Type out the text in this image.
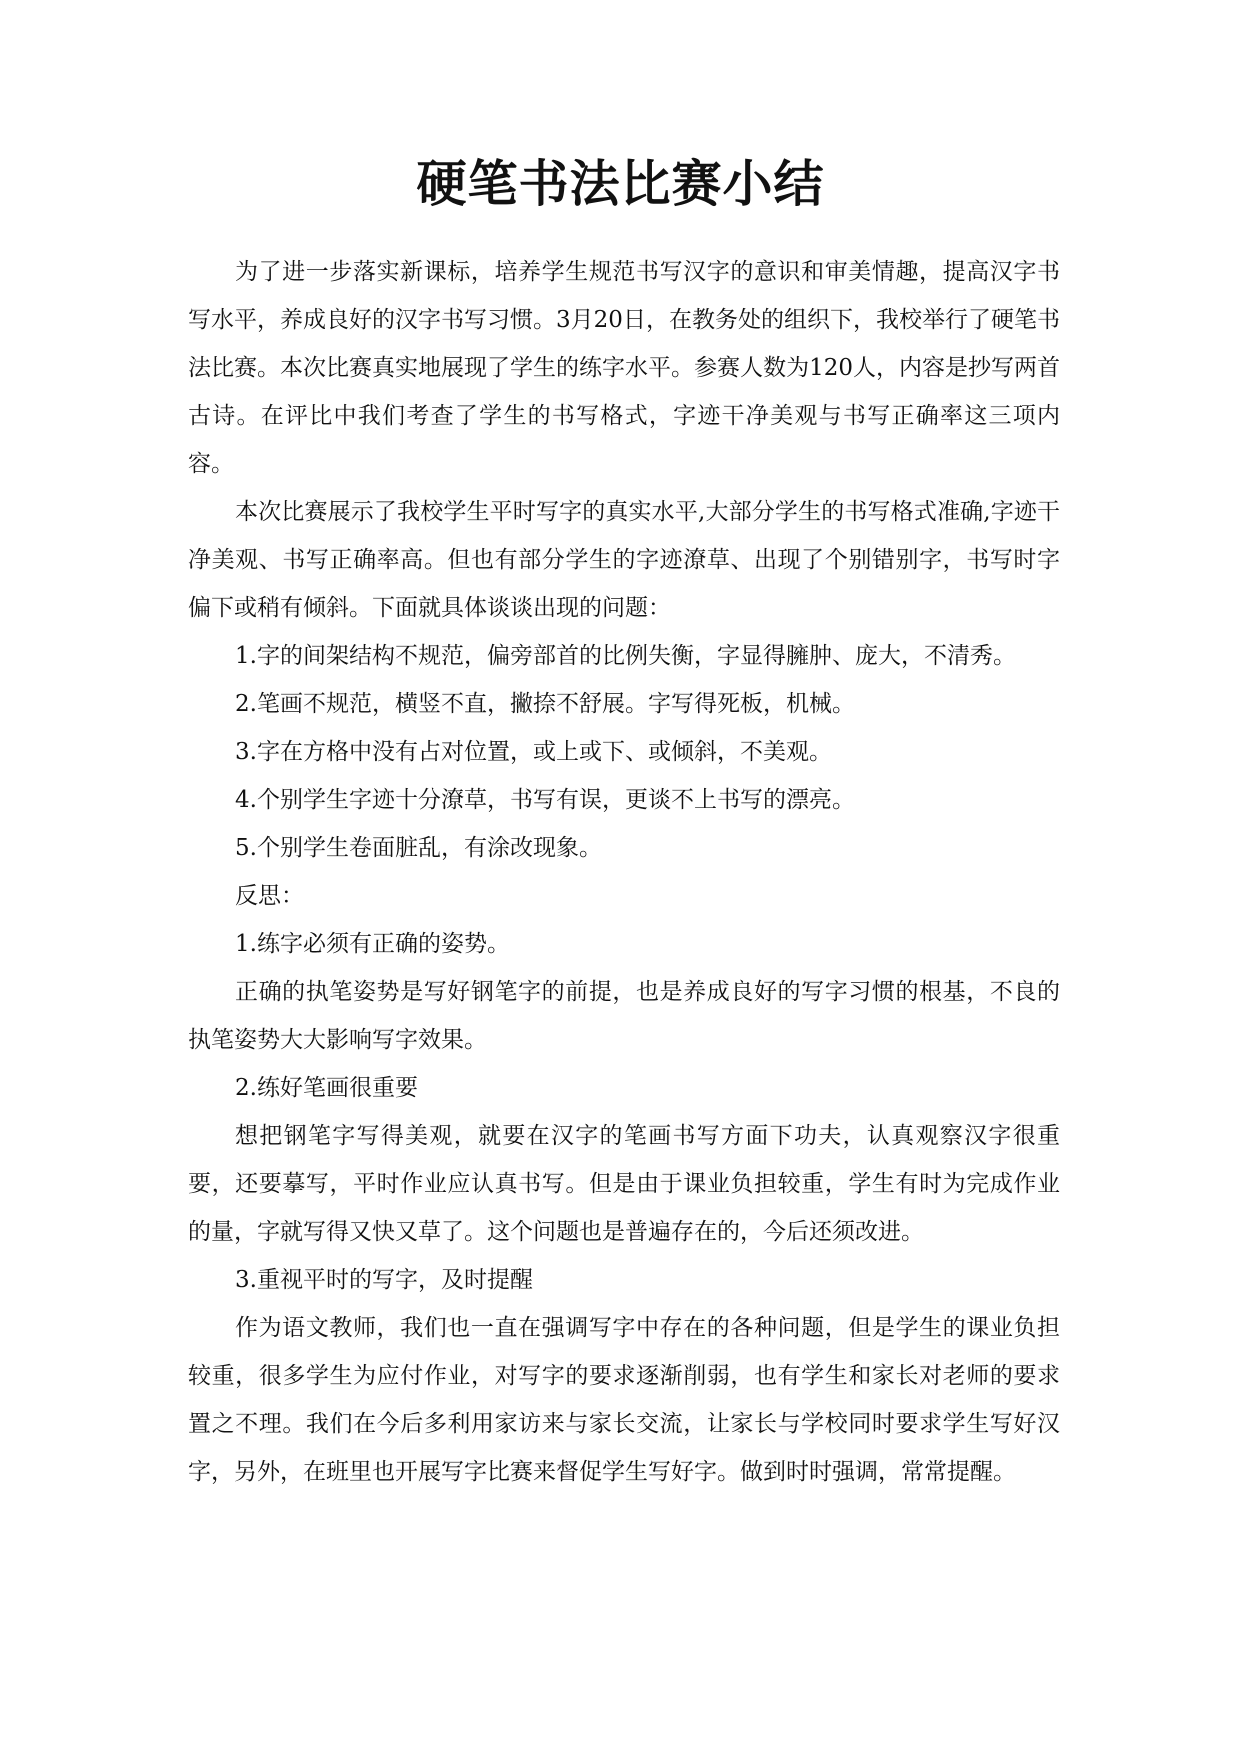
硬笔书法比赛小结

为了进一步落实新课标，培养学生规范书写汉字的意识和审美情趣，提高汉字书写水平，养成良好的汉字书写习惯。3月20日，在教务处的组织下，我校举行了硬笔书法比赛。本次比赛真实地展现了学生的练字水平。参赛人数为120人，内容是抄写两首古诗。在评比中我们考查了学生的书写格式，字迹干净美观与书写正确率这三项内容。

本次比赛展示了我校学生平时写字的真实水平,大部分学生的书写格式准确,字迹干净美观、书写正确率高。但也有部分学生的字迹潦草、出现了个别错别字，书写时字偏下或稍有倾斜。下面就具体谈谈出现的问题：

1.字的间架结构不规范，偏旁部首的比例失衡，字显得臃肿、庞大，不清秀。

2.笔画不规范，横竖不直，撇捺不舒展。字写得死板，机械。

3.字在方格中没有占对位置，或上或下、或倾斜，不美观。

4.个别学生字迹十分潦草，书写有误，更谈不上书写的漂亮。

5.个别学生卷面脏乱，有涂改现象。

反思：

1.练字必须有正确的姿势。

正确的执笔姿势是写好钢笔字的前提，也是养成良好的写字习惯的根基，不良的执笔姿势大大影响写字效果。

2.练好笔画很重要

想把钢笔字写得美观，就要在汉字的笔画书写方面下功夫，认真观察汉字很重要，还要摹写，平时作业应认真书写。但是由于课业负担较重，学生有时为完成作业的量，字就写得又快又草了。这个问题也是普遍存在的，今后还须改进。

3.重视平时的写字，及时提醒

作为语文教师，我们也一直在强调写字中存在的各种问题，但是学生的课业负担较重，很多学生为应付作业，对写字的要求逐渐削弱，也有学生和家长对老师的要求置之不理。我们在今后多利用家访来与家长交流，让家长与学校同时要求学生写好汉字，另外，在班里也开展写字比赛来督促学生写好字。做到时时强调，常常提醒。
